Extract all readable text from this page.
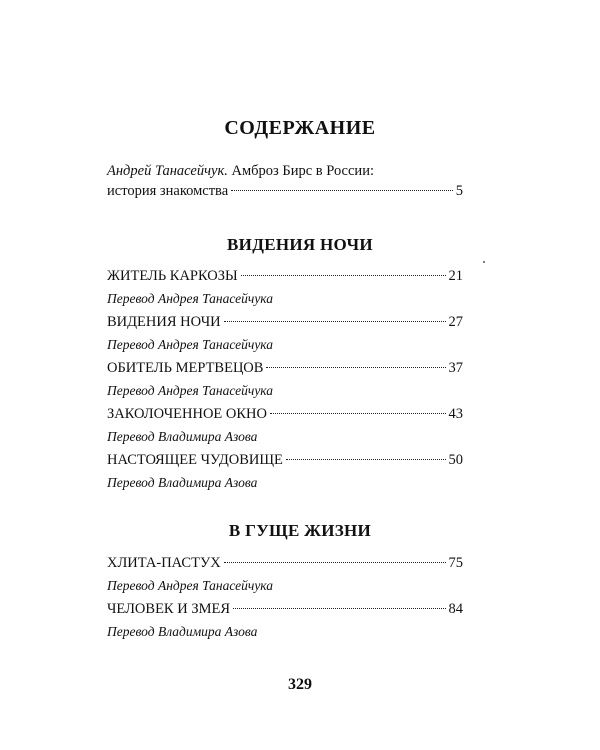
СОДЕРЖАНИЕ
Андрей Танасейчук. Амброз Бирс в России:
история знакомства	5
ВИДЕНИЯ НОЧИ
ЖИТЕЛЬ КАРКОЗЫ	21
Перевод Андрея Танасейчука
ВИДЕНИЯ НОЧИ	27
Перевод Андрея Танасейчука
ОБИТЕЛЬ МЕРТВЕЦОВ	37
Перевод Андрея Танасейчука
ЗАКОЛОЧЕННОЕ ОКНО	43
Перевод Владимира Азова
НАСТОЯЩЕЕ ЧУДОВИЩЕ	50
Перевод Владимира Азова
В ГУЩЕ ЖИЗНИ
ХЛИТА-ПАСТУХ	75
Перевод Андрея Танасейчука
ЧЕЛОВЕК И ЗМЕЯ	84
Перевод Владимира Азова
329
